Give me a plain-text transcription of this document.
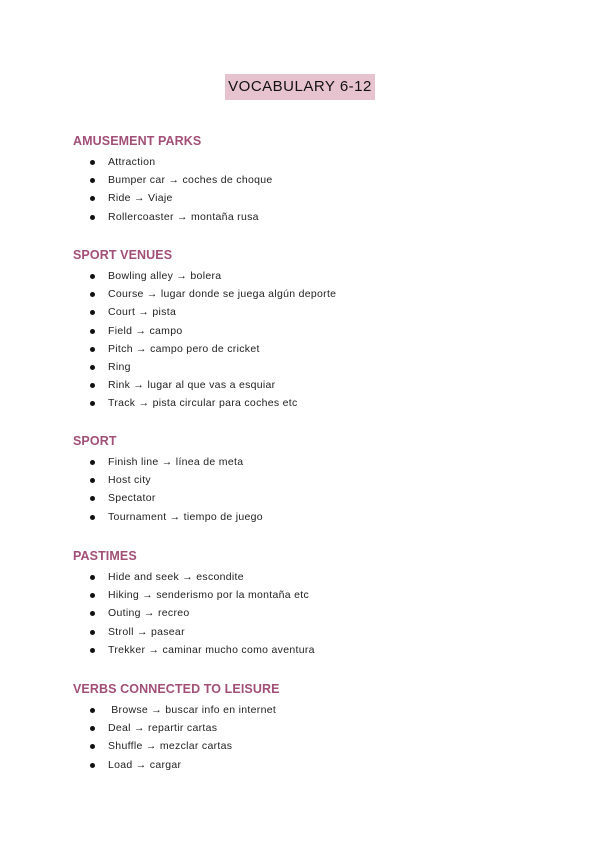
VOCABULARY 6-12
AMUSEMENT PARKS
Attraction
Bumper car → coches de choque
Ride → Viaje
Rollercoaster → montaña rusa
SPORT VENUES
Bowling alley → bolera
Course → lugar donde se juega algún deporte
Court → pista
Field → campo
Pitch → campo pero de cricket
Ring
Rink → lugar al que vas a esquiar
Track → pista circular para coches etc
SPORT
Finish line → línea de meta
Host city
Spectator
Tournament → tiempo de juego
PASTIMES
Hide and seek → escondite
Hiking → senderismo por la montaña etc
Outing → recreo
Stroll → pasear
Trekker → caminar mucho como aventura
VERBS CONNECTED TO LEISURE
Browse → buscar info en internet
Deal → repartir cartas
Shuffle → mezclar cartas
Load → cargar
